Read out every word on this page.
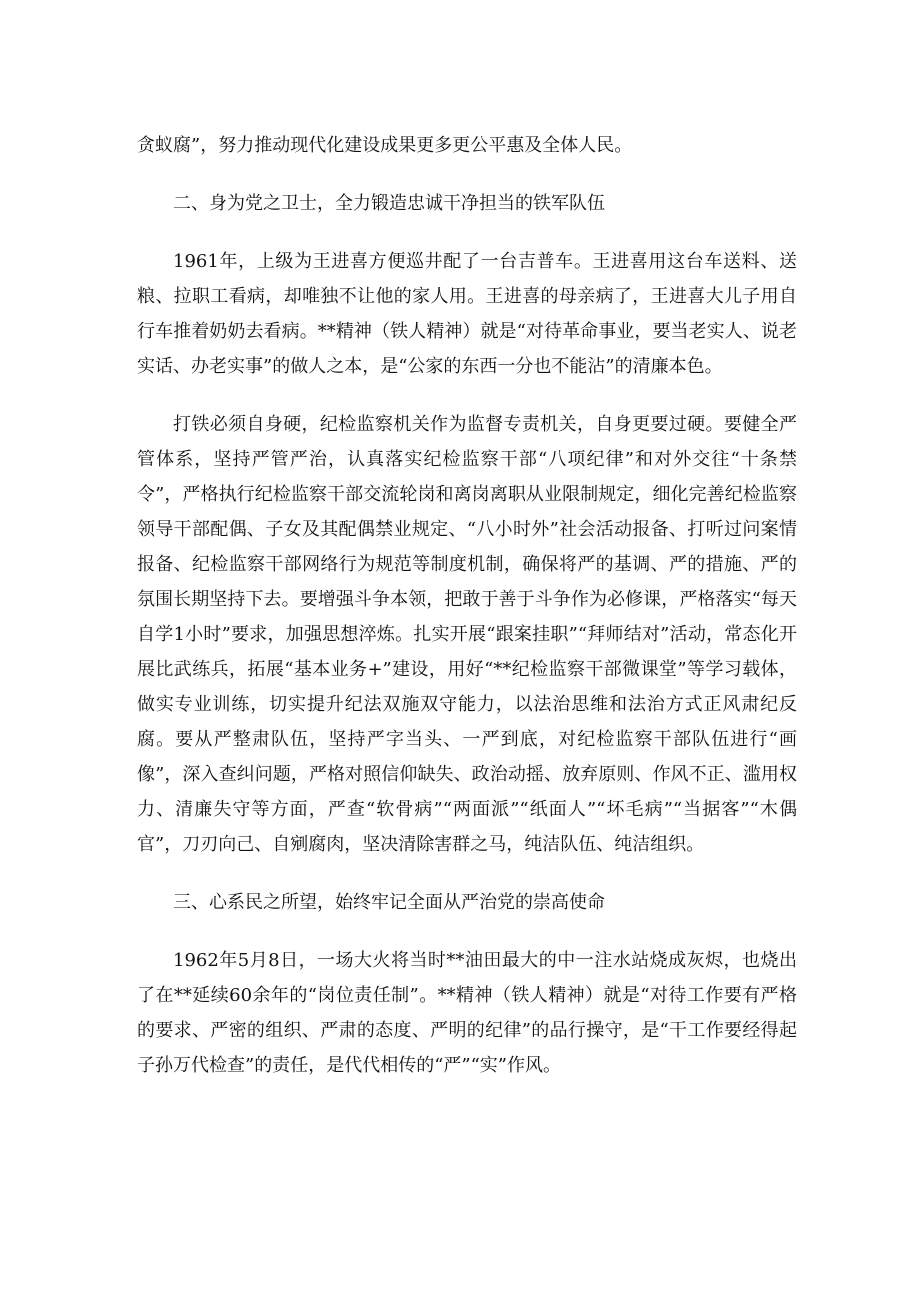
贪蚁腐”，努力推动现代化建设成果更多更公平惠及全体人民。

二、身为党之卫士，全力锻造忠诚干净担当的铁军队伍

1961年，上级为王进喜方便巡井配了一台吉普车。王进喜用这台车送料、送粮、拉职工看病，却唯独不让他的家人用。王进喜的母亲病了，王进喜大儿子用自行车推着奶奶去看病。**精神（铁人精神）就是“对待革命事业，要当老实人、说老实话、办老实事”的做人之本，是“公家的东西一分也不能沾”的清廉本色。

打铁必须自身硬，纪检监察机关作为监督专责机关，自身更要过硬。要健全严管体系，坚持严管严治，认真落实纪检监察干部“八项纪律”和对外交往“十条禁令”，严格执行纪检监察干部交流轮岗和离岗离职从业限制规定，细化完善纪检监察领导干部配偶、子女及其配偶禁业规定、“八小时外”社会活动报备、打听过问案情报备、纪检监察干部网络行为规范等制度机制，确保将严的基调、严的措施、严的氛围长期坚持下去。要增强斗争本领，把敢于善于斗争作为必修课，严格落实“每天自学1小时”要求，加强思想淬炼。扎实开展“跟案挂职”“拜师结对”活动，常态化开展比武练兵，拓展“基本业务+”建设，用好“**纪检监察干部微课堂”等学习载体，做实专业训练，切实提升纪法双施双守能力，以法治思维和法治方式正风肃纪反腐。要从严整肃队伍，坚持严字当头、一严到底，对纪检监察干部队伍进行“画像”，深入查纠问题，严格对照信仰缺失、政治动摇、放弃原则、作风不正、滥用权力、清廉失守等方面，严查“软骨病”“两面派”“纸面人”“坏毛病”“当据客”“木偶官”，刀刃向己、自剜腐肉，坚决清除害群之马，纯洁队伍、纯洁组织。

三、心系民之所望，始终牢记全面从严治党的崇高使命

1962年5月8日，一场大火将当时**油田最大的中一注水站烧成灰烬，也烧出了在**延续60余年的“岗位责任制”。**精神（铁人精神）就是“对待工作要有严格的要求、严密的组织、严肃的态度、严明的纪律”的品行操守，是“干工作要经得起子孙万代检查”的责任，是代代相传的“严”“实”作风。
